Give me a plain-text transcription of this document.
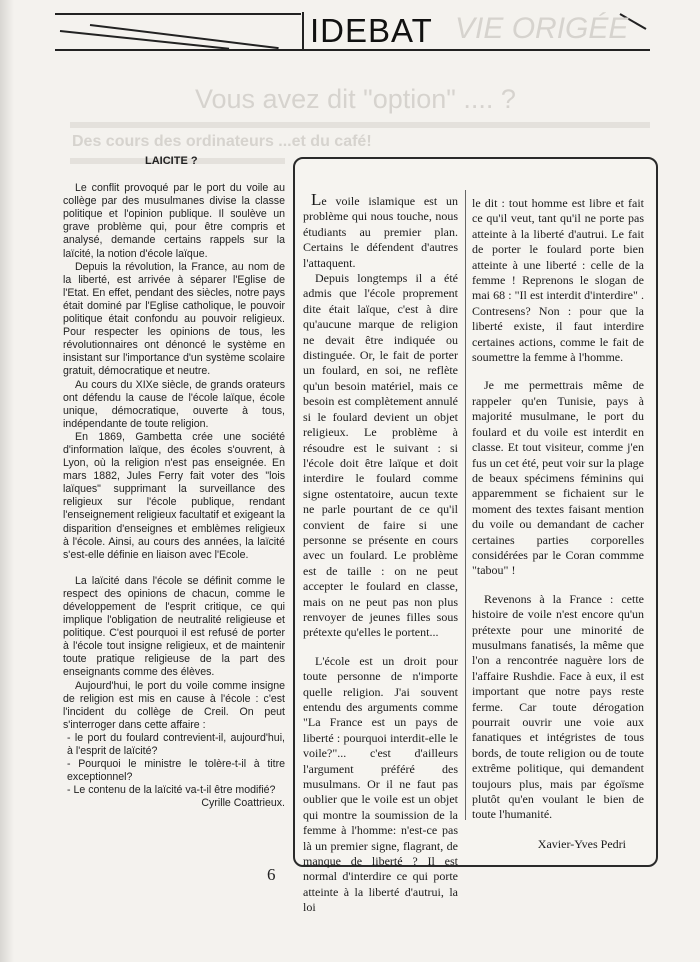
VIE ORIGÉE
IDEBAT
Vous avez dit "option" .... ?
Des cours des ordinateurs ...et du café!
LAICITE ?

Le conflit provoqué par le port du voile au collège par des musulmanes divise la classe politique et l'opinion publique. Il soulève un grave problème qui, pour être compris et analysé, demande certains rappels sur la laïcité, la notion d'école laïque.

Depuis la révolution, la France, au nom de la liberté, est arrivée à séparer l'Eglise de l'Etat. En effet, pendant des siècles, notre pays était dominé par l'Eglise catholique, le pouvoir politique était confondu au pouvoir religieux. Pour respecter les opinions de tous, les révolutionnaires ont dénoncé le système en insistant sur l'importance d'un système scolaire gratuit, démocratique et neutre.

Au cours du XIXe siècle, de grands orateurs ont défendu la cause de l'école laïque, école unique, démocratique, ouverte à tous, indépendante de toute religion.

En 1869, Gambetta crée une société d'information laïque, des écoles s'ouvrent, à Lyon, où la religion n'est pas enseignée. En mars 1882, Jules Ferry fait voter des "lois laïques" supprimant la surveillance des religieux sur l'école publique, rendant l'enseignement religieux facultatif et exigeant la disparition d'enseignes et emblèmes religieux à l'école. Ainsi, au cours des années, la laïcité s'est-elle définie en liaison avec l'Ecole.

La laïcité dans l'école se définit comme le respect des opinions de chacun, comme le développement de l'esprit critique, ce qui implique l'obligation de neutralité religieuse et politique. C'est pourquoi il est refusé de porter à l'école tout insigne religieux, et de maintenir toute pratique religieuse de la part des enseignants comme des élèves.

Aujourd'hui, le port du voile comme insigne de religion est mis en cause à l'école : c'est l'incident du collège de Creil. On peut s'interroger dans cette affaire :

- le port du foulard contrevient-il, aujourd'hui, à l'esprit de laïcité?

- Pourquoi le ministre le tolère-t-il à titre exceptionnel?

- Le contenu de la laïcité va-t-il être modifié?

Cyrille Coattrieux.

Le voile islamique est un problème qui nous touche, nous étudiants au premier plan. Certains le défendent d'autres l'attaquent.

Depuis longtemps il a été admis que l'école proprement dite était laïque, c'est à dire qu'aucune marque de religion ne devait être indiquée ou distinguée. Or, le fait de porter un foulard, en soi, ne reflète qu'un besoin matériel, mais ce besoin est complètement annulé si le foulard devient un objet religieux. Le problème à résoudre est le suivant : si l'école doit être laïque et doit interdire le foulard comme signe ostentatoire, aucun texte ne parle pourtant de ce qu'il convient de faire si une personne se présente en cours avec un foulard. Le problème est de taille : on ne peut accepter le foulard en classe, mais on ne peut pas non plus renvoyer de jeunes filles sous prétexte qu'elles le portent...

L'école est un droit pour toute personne de n'importe quelle religion. J'ai souvent entendu des arguments comme "La France est un pays de liberté : pourquoi interdit-elle le voile?"... c'est d'ailleurs l'argument préféré des musulmans. Or il ne faut pas oublier que le voile est un objet qui montre la soumission de la femme à l'homme: n'est-ce pas là un premier signe, flagrant, de manque de liberté ? Il est normal d'interdire ce qui porte atteinte à la liberté d'autrui, la loi

le dit : tout homme est libre et fait ce qu'il veut, tant qu'il ne porte pas atteinte à la liberté d'autrui. Le fait de porter le foulard porte bien atteinte à une liberté : celle de la femme ! Reprenons le slogan de mai 68 : "Il est interdit d'interdire" . Contresens? Non : pour que la liberté existe, il faut interdire certaines actions, comme le fait de soumettre la femme à l'homme.

Je me permettrais même de rappeler qu'en Tunisie, pays à majorité musulmane, le port du foulard et du voile est interdit en classe. Et tout visiteur, comme j'en fus un cet été, peut voir sur la plage de beaux spécimens féminins qui apparemment se fichaient sur le moment des textes faisant mention du voile ou demandant de cacher certaines parties corporelles considérées par le Coran commme "tabou" !

Revenons à la France : cette histoire de voile n'est encore qu'un prétexte pour une minorité de musulmans fanatisés, la même que l'on a rencontrée naguère lors de l'affaire Rushdie. Face à eux, il est important que notre pays reste ferme. Car toute dérogation pourrait ouvrir une voie aux fanatiques et intégristes de tous bords, de toute religion ou de toute extrême politique, qui demandent toujours plus, mais par égoïsme plutôt qu'en voulant le bien de toute l'humanité.

Xavier-Yves Pedri

6
